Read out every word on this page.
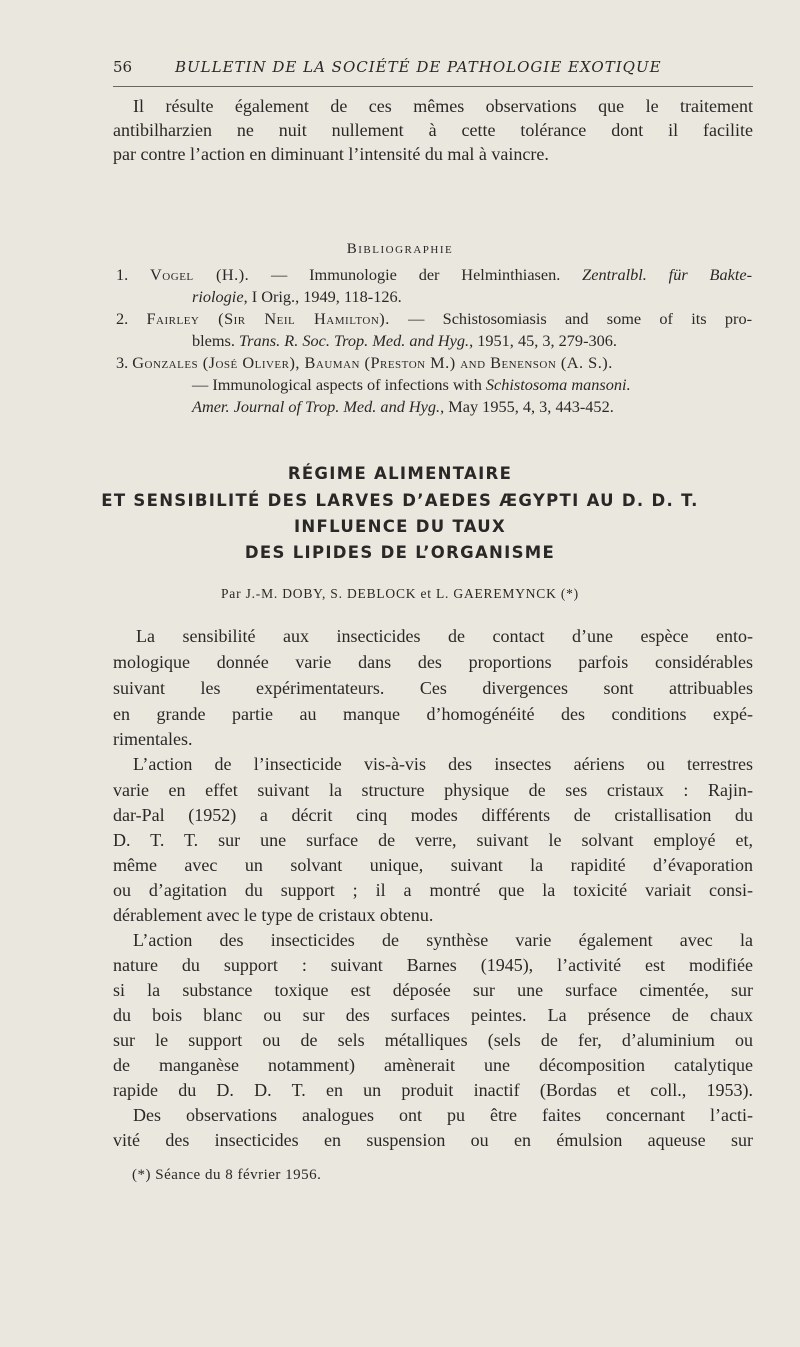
56	BULLETIN DE LA SOCIÉTÉ DE PATHOLOGIE EXOTIQUE
Il résulte également de ces mêmes observations que le traitement
antibilharzien ne nuit nullement à cette tolérance dont il facilite
par contre l’action en diminuant l’intensité du mal à vaincre.
Bibliographie
1. Vogel (H.). — Immunologie der Helminthiasen. Zentralbl. für Bakte-
riologie, I Orig., 1949, 118-126.
2. Fairley (Sir Neil Hamilton). — Schistosomiasis and some of its pro-
blems. Trans. R. Soc. Trop. Med. and Hyg., 1951, 45, 3, 279-306.
3. Gonzales (José Oliver), Bauman (Preston M.) and Benenson (A. S.).
— Immunological aspects of infections with Schistosoma mansoni.
Amer. Journal of Trop. Med. and Hyg., May 1955, 4, 3, 443-452.
RÉGIME ALIMENTAIRE
ET SENSIBILITÉ DES LARVES D’AEDES ÆGYPTI AU D. D. T.
INFLUENCE DU TAUX
DES LIPIDES DE L’ORGANISME
Par J.-M. DOBY, S. DEBLOCK et L. GAEREMYNCK (*)
La sensibilité aux insecticides de contact d’une espèce ento-
mologique donnée varie dans des proportions parfois considérables
suivant les expérimentateurs. Ces divergences sont attribuables
en grande partie au manque d’homogénéité des conditions expé-
rimentales.
L’action de l’insecticide vis-à-vis des insectes aériens ou terrestres
varie en effet suivant la structure physique de ses cristaux : Rajin-
dar-Pal (1952) a décrit cinq modes différents de cristallisation du
D. T. T. sur une surface de verre, suivant le solvant employé et,
même avec un solvant unique, suivant la rapidité d’évaporation
ou d’agitation du support ; il a montré que la toxicité variait consi-
dérablement avec le type de cristaux obtenu.
L’action des insecticides de synthèse varie également avec la
nature du support : suivant Barnes (1945), l’activité est modifiée
si la substance toxique est déposée sur une surface cimentée, sur
du bois blanc ou sur des surfaces peintes. La présence de chaux
sur le support ou de sels métalliques (sels de fer, d’aluminium ou
de manganèse notamment) amènerait une décomposition catalytique
rapide du D. D. T. en un produit inactif (Bordas et coll., 1953).
Des observations analogues ont pu être faites concernant l’acti-
vité des insecticides en suspension ou en émulsion aqueuse sur
(*) Séance du 8 février 1956.
